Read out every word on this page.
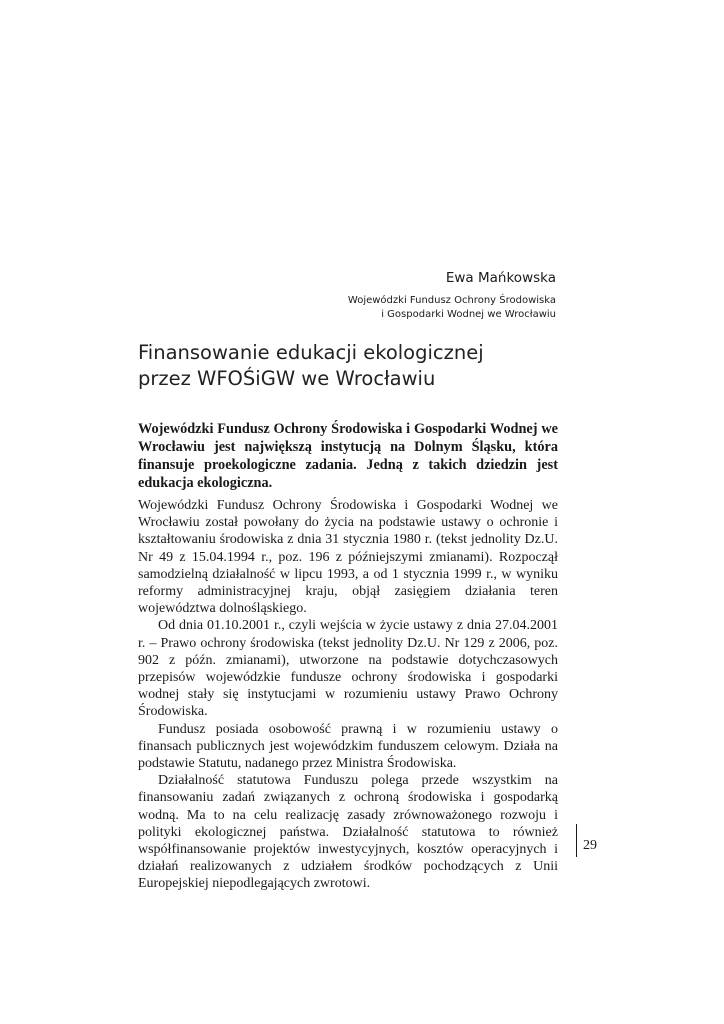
Ewa Mańkowska

Wojewódzki Fundusz Ochrony Środowiska
i Gospodarki Wodnej we Wrocławiu
Finansowanie edukacji ekologicznej
przez WFOŚiGW we Wrocławiu

Wojewódzki Fundusz Ochrony Środowiska i Gospodarki Wodnej we Wrocławiu jest największą instytucją na Dolnym Śląsku, która finansuje proekologiczne zadania. Jedną z takich dziedzin jest edukacja ekologiczna.

Wojewódzki Fundusz Ochrony Środowiska i Gospodarki Wodnej we Wrocławiu został powołany do życia na podstawie ustawy o ochronie i kształtowaniu środowiska z dnia 31 stycznia 1980 r. (tekst jednolity Dz.U. Nr 49 z 15.04.1994 r., poz. 196 z późniejszymi zmianami). Rozpoczął samodzielną działalność w lipcu 1993, a od 1 stycznia 1999 r., w wyniku reformy administracyjnej kraju, objął zasięgiem działania teren województwa dolnośląskiego.

Od dnia 01.10.2001 r., czyli wejścia w życie ustawy z dnia 27.04.2001 r. – Prawo ochrony środowiska (tekst jednolity Dz.U. Nr 129 z 2006, poz. 902 z późn. zmianami), utworzone na podstawie dotychczasowych przepisów wojewódzkie fundusze ochrony środowiska i gospodarki wodnej stały się instytucjami w rozumieniu ustawy Prawo Ochrony Środowiska.

Fundusz posiada osobowość prawną i w rozumieniu ustawy o finansach publicznych jest wojewódzkim funduszem celowym. Działa na podstawie Statutu, nadanego przez Ministra Środowiska.

Działalność statutowa Funduszu polega przede wszystkim na finansowaniu zadań związanych z ochroną środowiska i gospodarką wodną. Ma to na celu realizację zasady zrównoważonego rozwoju i polityki ekologicznej państwa. Działalność statutowa to również współfinansowanie projektów inwestycyjnych, kosztów operacyjnych i działań realizowanych z udziałem środków pochodzących z Unii Europejskiej niepodlegających zwrotowi.

29
